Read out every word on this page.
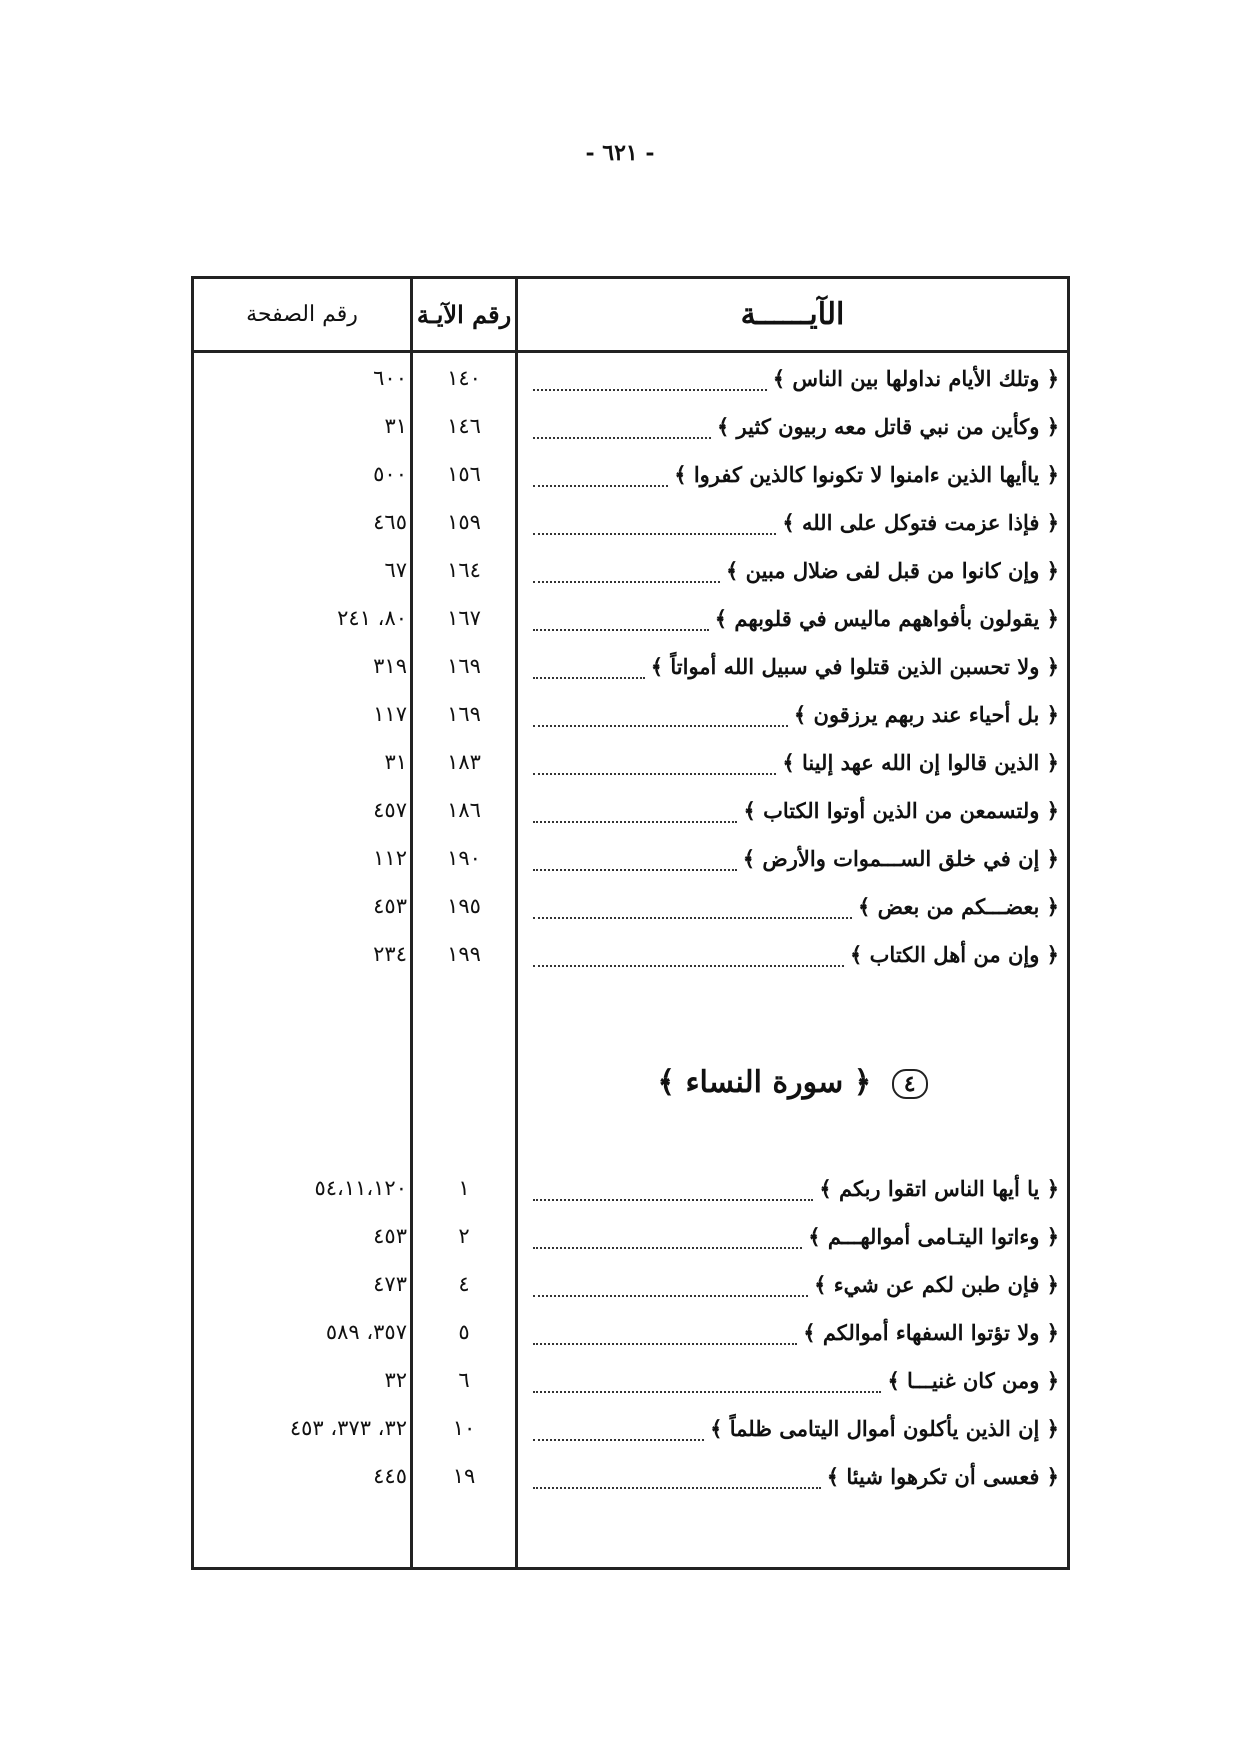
- ٦٢١ -
الآيــــــة
رقم الآيـة
رقم الصفحة
﴿ وتلك الأيام نداولها بين الناس ﴾
١٤٠
٦٠٠
﴿ وكأين من نبي قاتل معه ربيون كثير ﴾
١٤٦
٣١
﴿ ياأيها الذين ءامنوا لا تكونوا كالذين كفروا ﴾
١٥٦
٥٠٠
﴿ فإذا عزمت فتوكل على الله ﴾
١٥٩
٤٦٥
﴿ وإن كانوا من قبل لفى ضلال مبين ﴾
١٦٤
٦٧
﴿ يقولون بأفواههم ماليس في قلوبهم ﴾
١٦٧
٨٠، ٢٤١
﴿ ولا تحسبن الذين قتلوا في سبيل الله أمواتاً ﴾
١٦٩
٣١٩
﴿ بل أحياء عند ربهم يرزقون ﴾
١٦٩
١١٧
﴿ الذين قالوا إن الله عهد إلينا ﴾
١٨٣
٣١
﴿ ولتسمعن من الذين أوتوا الكتاب ﴾
١٨٦
٤٥٧
﴿ إن في خلق الســـموات والأرض ﴾
١٩٠
١١٢
﴿ بعضـــكم من بعض ﴾
١٩٥
٤٥٣
﴿ وإن من أهل الكتاب ﴾
١٩٩
٢٣٤
٤ ﴿ سورة النساء ﴾
﴿ يا أيها الناس اتقوا ربكم ﴾
١
٥٤،١١،١٢٠
﴿ وءاتوا اليتـامى أموالهـــم ﴾
٢
٤٥٣
﴿ فإن طبن لكم عن شيء ﴾
٤
٤٧٣
﴿ ولا تؤتوا السفهاء أموالكم ﴾
٥
٣٥٧، ٥٨٩
﴿ ومن كان غنيـــا ﴾
٦
٣٢
﴿ إن الذين يأكلون أموال اليتامى ظلماً ﴾
١٠
٣٢، ٣٧٣، ٤٥٣
﴿ فعسى أن تكرهوا شيئا ﴾
١٩
٤٤٥
